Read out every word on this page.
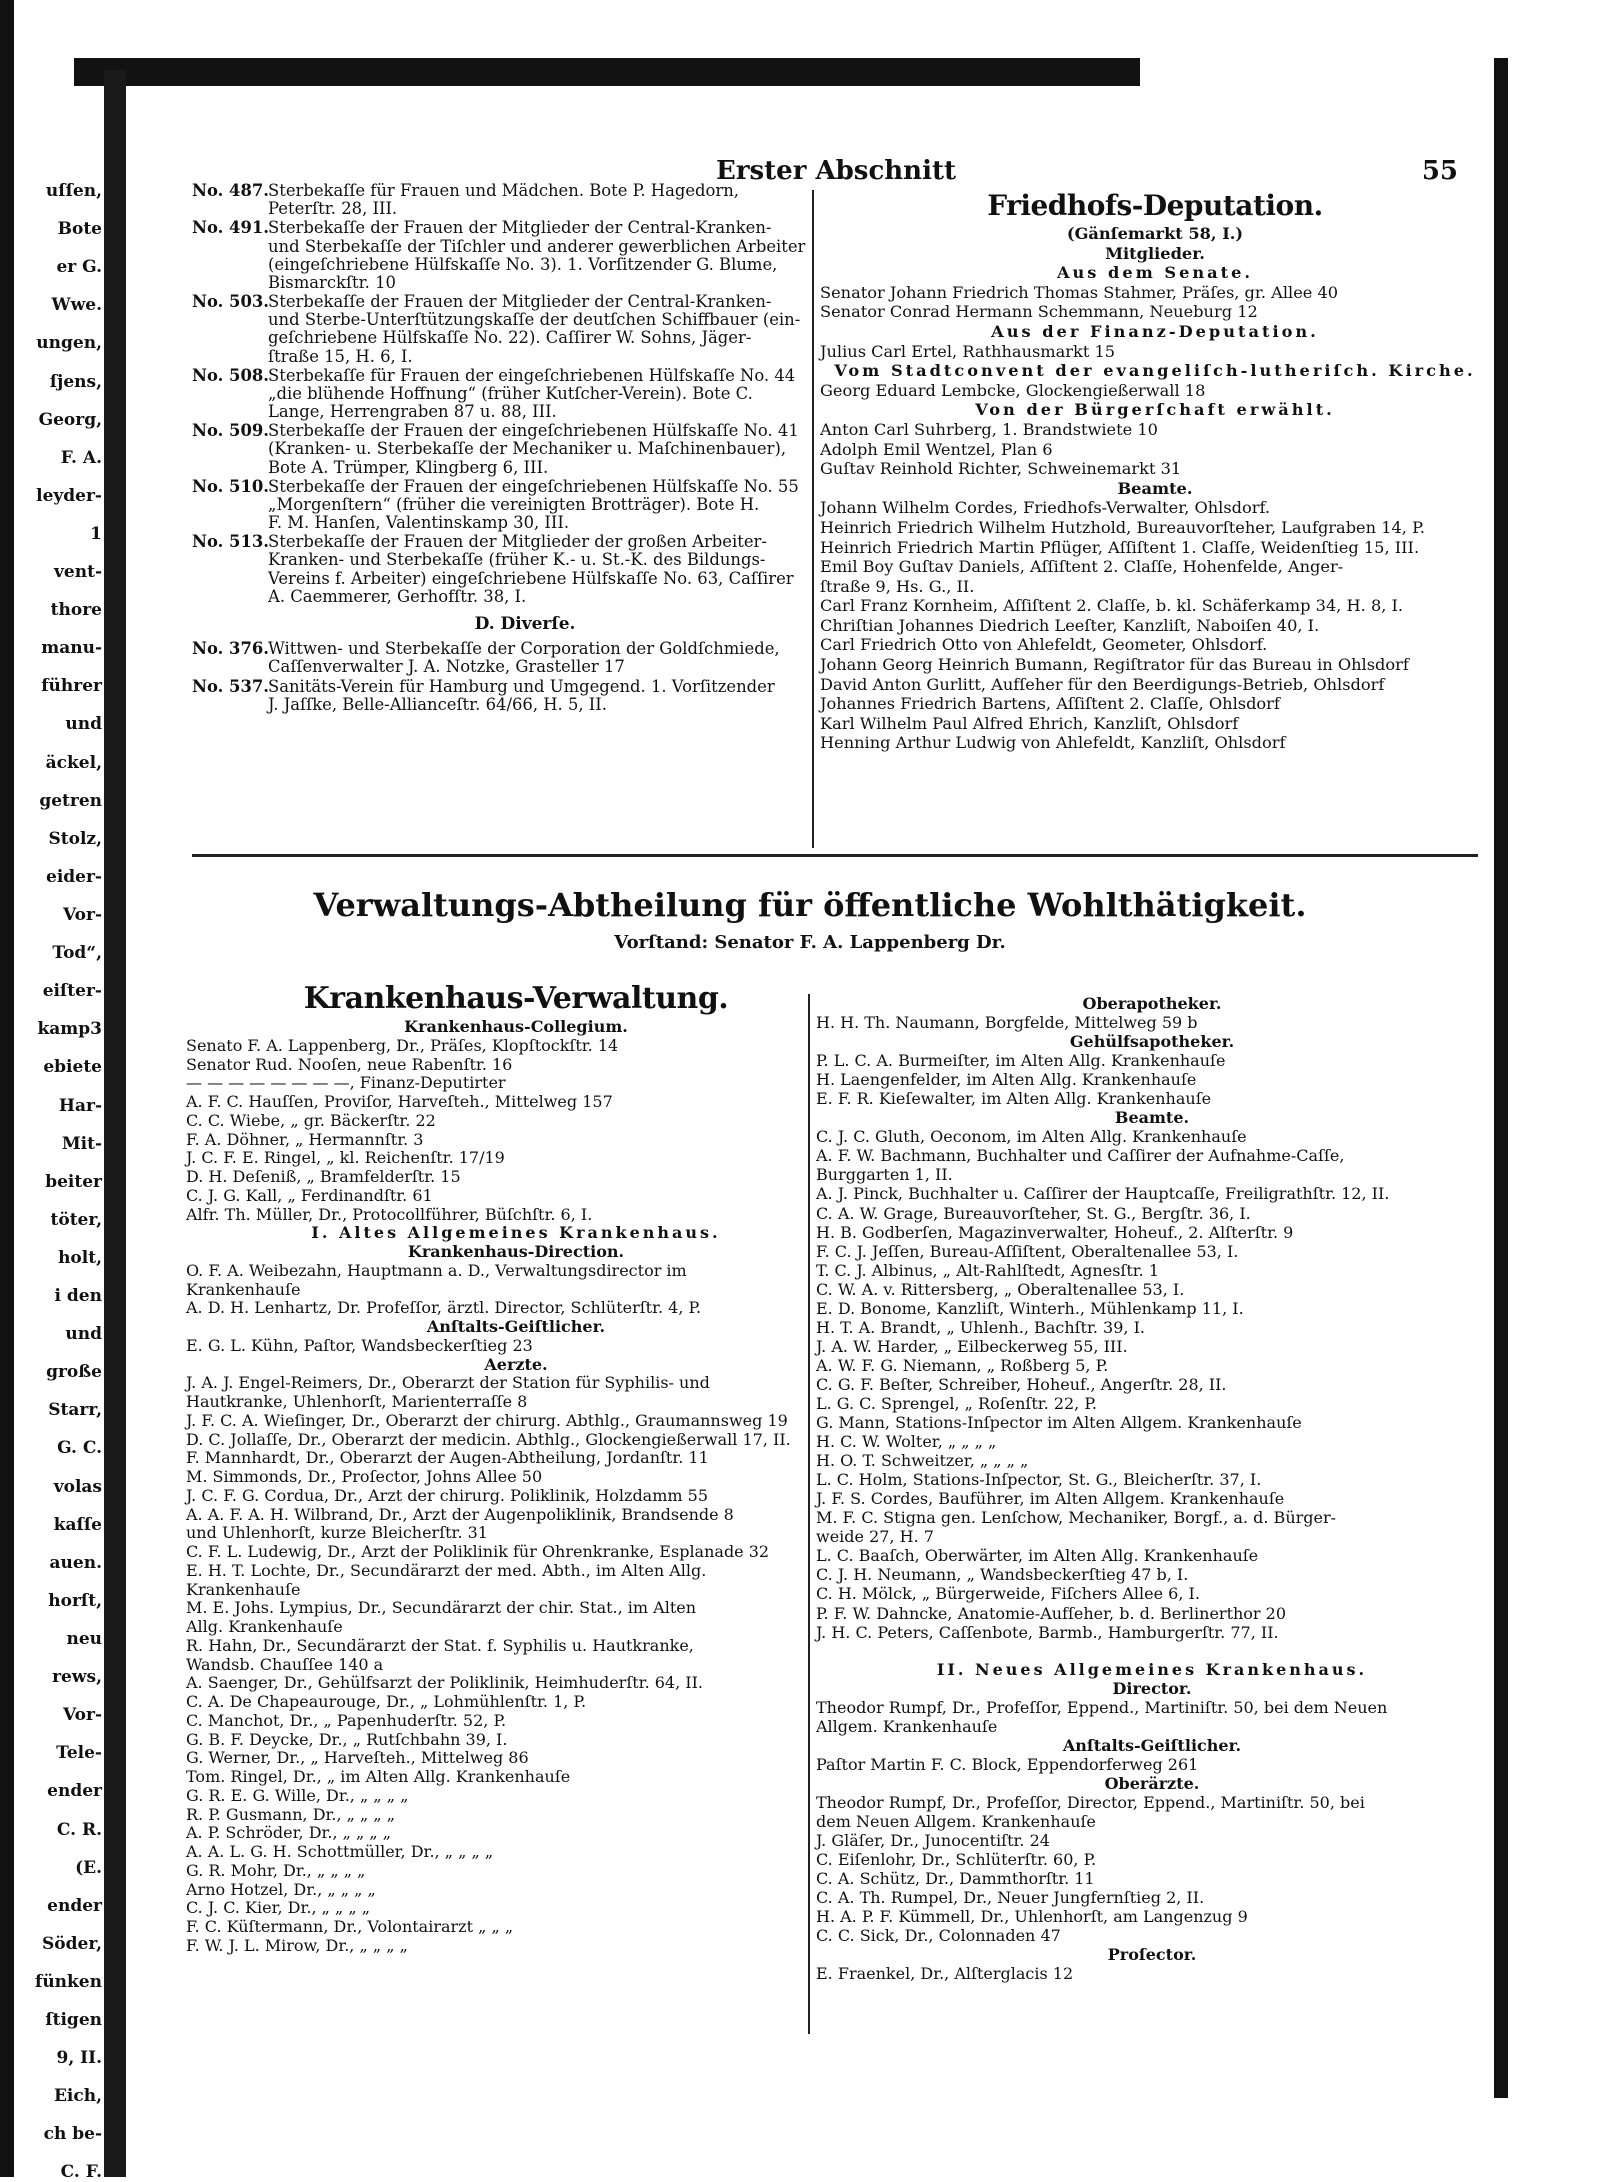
uſſen,
Bote
er G.
Wwe.
ungen,
ſjens,
Georg,
F. A.
leyder-
1
vent-
thore
manu-
führer
und
äckel,
getren
Stolz,
eider-
Vor-
Tod“,
eiſter-
kamp3
ebiete
Har-
Mit-
beiter
töter,
holt,
i den
und
große
Starr,
G. C.
volas
kaſſe
auen.
horſt,
neu
rews,
Vor-
Tele-
ender
C. R.
(E.
ender
Söder,
fünken
ſtigen
9, II.
Eich,
ch be-
C. F.
Erster Abschnitt	55
No. 487.Sterbekaſſe für Frauen und Mädchen. Bote P. Hagedorn,
Peterſtr. 28, III.
No. 491.Sterbekaſſe der Frauen der Mitglieder der Central-Kranken-
und Sterbekaſſe der Tiſchler und anderer gewerblichen Arbeiter
(eingeſchriebene Hülfskaſſe No. 3). 1. Vorſitzender G. Blume,
Bismarckſtr. 10
No. 503.Sterbekaſſe der Frauen der Mitglieder der Central-Kranken-
und Sterbe-Unterſtützungskaſſe der deutſchen Schiffbauer (ein-
geſchriebene Hülfskaſſe No. 22). Caſſirer W. Sohns, Jäger-
ſtraße 15, H. 6, I.
No. 508.Sterbekaſſe für Frauen der eingeſchriebenen Hülfskaſſe No. 44
„die blühende Hoffnung“ (früher Kutſcher-Verein). Bote C.
Lange, Herrengraben 87 u. 88, III.
No. 509.Sterbekaſſe der Frauen der eingeſchriebenen Hülfskaſſe No. 41
(Kranken- u. Sterbekaſſe der Mechaniker u. Maſchinenbauer),
Bote A. Trümper, Klingberg 6, III.
No. 510.Sterbekaſſe der Frauen der eingeſchriebenen Hülfskaſſe No. 55
„Morgenſtern“ (früher die vereinigten Brotträger). Bote H.
F. M. Hanſen, Valentinskamp 30, III.
No. 513.Sterbekaſſe der Frauen der Mitglieder der großen Arbeiter-
Kranken- und Sterbekaſſe (früher K.- u. St.-K. des Bildungs-
Vereins f. Arbeiter) eingeſchriebene Hülfskaſſe No. 63, Caſſirer
A. Caemmerer, Gerhofſtr. 38, I.

D. Diverſe.

No. 376.Wittwen- und Sterbekaſſe der Corporation der Goldſchmiede,
Caſſenverwalter J. A. Notzke, Grasteller 17
No. 537.Sanitäts-Verein für Hamburg und Umgegend. 1. Vorſitzender
J. Jaſſke, Belle-Allianceſtr. 64/66, H. 5, II.

Friedhofs-Deputation.

(Gänſemarkt 58, I.)

Mitglieder.

Aus dem Senate.

Senator Johann Friedrich Thomas Stahmer, Präſes, gr. Allee 40

Senator Conrad Hermann Schemmann, Neueburg 12

Aus der Finanz-Deputation.

Julius Carl Ertel, Rathhausmarkt 15

Vom Stadtconvent der evangeliſch-lutheriſch. Kirche.

Georg Eduard Lembcke, Glockengießerwall 18

Von der Bürgerſchaft erwählt.

Anton Carl Suhrberg, 1. Brandstwiete 10

Adolph Emil Wentzel, Plan 6

Guſtav Reinhold Richter, Schweinemarkt 31

Beamte.

Johann Wilhelm Cordes, Friedhofs-Verwalter, Ohlsdorf.

Heinrich Friedrich Wilhelm Hutzhold, Bureauvorſteher, Laufgraben 14, P.

Heinrich Friedrich Martin Pflüger, Aſſiſtent 1. Claſſe, Weidenſtieg 15, III.

Emil Boy Guſtav Daniels, Aſſiſtent 2. Claſſe, Hohenfelde, Anger-

ſtraße 9, Hs. G., II.

Carl Franz Kornheim, Aſſiſtent 2. Claſſe, b. kl. Schäferkamp 34, H. 8, I.

Chriſtian Johannes Diedrich Leeſter, Kanzliſt, Naboiſen 40, I.

Carl Friedrich Otto von Ahlefeldt, Geometer, Ohlsdorf.

Johann Georg Heinrich Bumann, Regiſtrator für das Bureau in Ohlsdorf

David Anton Gurlitt, Aufſeher für den Beerdigungs-Betrieb, Ohlsdorf

Johannes Friedrich Bartens, Aſſiſtent 2. Claſſe, Ohlsdorf

Karl Wilhelm Paul Alfred Ehrich, Kanzliſt, Ohlsdorf

Henning Arthur Ludwig von Ahlefeldt, Kanzliſt, Ohlsdorf

Verwaltungs-Abtheilung für öffentliche Wohlthätigkeit.
Vorſtand: Senator F. A. Lappenberg Dr.

Krankenhaus-Verwaltung.

Krankenhaus-Collegium.

Senato F. A. Lappenberg, Dr., Präſes, Klopſtockſtr. 14

Senator Rud. Nooſen, neue Rabenſtr. 16

— — — — — — — —, Finanz-Deputirter

A. F. C. Hauſſen, Proviſor, Harveſteh., Mittelweg 157

C. C. Wiebe, „ gr. Bäckerſtr. 22

F. A. Döhner, „ Hermannſtr. 3

J. C. F. E. Ringel, „ kl. Reichenſtr. 17/19

D. H. Deſeniß, „ Bramfelderſtr. 15

C. J. G. Kall, „ Ferdinandſtr. 61

Alfr. Th. Müller, Dr., Protocollführer, Büſchſtr. 6, I.

I. Altes Allgemeines Krankenhaus.

Krankenhaus-Direction.

O. F. A. Weibezahn, Hauptmann a. D., Verwaltungsdirector im

Krankenhauſe

A. D. H. Lenhartz, Dr. Profeſſor, ärztl. Director, Schlüterſtr. 4, P.

Anſtalts-Geiſtlicher.

E. G. L. Kühn, Paſtor, Wandsbeckerſtieg 23

Aerzte.

J. A. J. Engel-Reimers, Dr., Oberarzt der Station für Syphilis- und

Hautkranke, Uhlenhorſt, Marienterraſſe 8

J. F. C. A. Wieſinger, Dr., Oberarzt der chirurg. Abthlg., Graumannsweg 19

D. C. Jollaſſe, Dr., Oberarzt der medicin. Abthlg., Glockengießerwall 17, II.

F. Mannhardt, Dr., Oberarzt der Augen-Abtheilung, Jordanſtr. 11

M. Simmonds, Dr., Proſector, Johns Allee 50

J. C. F. G. Cordua, Dr., Arzt der chirurg. Poliklinik, Holzdamm 55

A. A. F. A. H. Wilbrand, Dr., Arzt der Augenpoliklinik, Brandsende 8

und Uhlenhorſt, kurze Bleicherſtr. 31

C. F. L. Ludewig, Dr., Arzt der Poliklinik für Ohrenkranke, Esplanade 32

E. H. T. Lochte, Dr., Secundärarzt der med. Abth., im Alten Allg.

Krankenhauſe

M. E. Johs. Lympius, Dr., Secundärarzt der chir. Stat., im Alten

Allg. Krankenhauſe

R. Hahn, Dr., Secundärarzt der Stat. f. Syphilis u. Hautkranke,

Wandsb. Chauſſee 140 a

A. Saenger, Dr., Gehülfsarzt der Poliklinik, Heimhuderſtr. 64, II.

C. A. De Chapeaurouge, Dr., „ Lohmühlenſtr. 1, P.

C. Manchot, Dr., „ Papenhuderſtr. 52, P.

G. B. F. Deycke, Dr., „ Rutſchbahn 39, I.

G. Werner, Dr., „ Harveſteh., Mittelweg 86

Tom. Ringel, Dr., „ im Alten Allg. Krankenhauſe

G. R. E. G. Wille, Dr., „ „ „ „

R. P. Gusmann, Dr., „ „ „ „

A. P. Schröder, Dr., „ „ „ „

A. A. L. G. H. Schottmüller, Dr., „ „ „ „

G. R. Mohr, Dr., „ „ „ „

Arno Hotzel, Dr., „ „ „ „

C. J. C. Kier, Dr., „ „ „ „

F. C. Küſtermann, Dr., Volontairarzt „ „ „

F. W. J. L. Mirow, Dr., „ „ „ „

Oberapotheker.

H. H. Th. Naumann, Borgfelde, Mittelweg 59 b

Gehülfsapotheker.

P. L. C. A. Burmeiſter, im Alten Allg. Krankenhauſe

H. Laengenfelder, im Alten Allg. Krankenhauſe

E. F. R. Kieſewalter, im Alten Allg. Krankenhauſe

Beamte.

C. J. C. Gluth, Oeconom, im Alten Allg. Krankenhauſe

A. F. W. Bachmann, Buchhalter und Caſſirer der Aufnahme-Caſſe,

Burggarten 1, II.

A. J. Pinck, Buchhalter u. Caſſirer der Hauptcaſſe, Freiligrathſtr. 12, II.

C. A. W. Grage, Bureauvorſteher, St. G., Bergſtr. 36, I.

H. B. Godberſen, Magazinverwalter, Hoheuf., 2. Alſterſtr. 9

F. C. J. Jeſſen, Bureau-Aſſiſtent, Oberaltenallee 53, I.

T. C. J. Albinus, „ Alt-Rahlſtedt, Agnesſtr. 1

C. W. A. v. Rittersberg, „ Oberaltenallee 53, I.

E. D. Bonome, Kanzliſt, Winterh., Mühlenkamp 11, I.

H. T. A. Brandt, „ Uhlenh., Bachſtr. 39, I.

J. A. W. Harder, „ Eilbeckerweg 55, III.

A. W. F. G. Niemann, „ Roßberg 5, P.

C. G. F. Beſter, Schreiber, Hoheuf., Angerſtr. 28, II.

L. G. C. Sprengel, „ Roſenſtr. 22, P.

G. Mann, Stations-Inſpector im Alten Allgem. Krankenhauſe

H. C. W. Wolter, „ „ „ „

H. O. T. Schweitzer, „ „ „ „

L. C. Holm, Stations-Inſpector, St. G., Bleicherſtr. 37, I.

J. F. S. Cordes, Bauführer, im Alten Allgem. Krankenhauſe

M. F. C. Stigna gen. Lenſchow, Mechaniker, Borgf., a. d. Bürger-

weide 27, H. 7

L. C. Baaſch, Oberwärter, im Alten Allg. Krankenhauſe

C. J. H. Neumann, „ Wandsbeckerſtieg 47 b, I.

C. H. Mölck, „ Bürgerweide, Fiſchers Allee 6, I.

P. F. W. Dahncke, Anatomie-Aufſeher, b. d. Berlinerthor 20

J. H. C. Peters, Caſſenbote, Barmb., Hamburgerſtr. 77, II.

II. Neues Allgemeines Krankenhaus.

Director.

Theodor Rumpf, Dr., Profeſſor, Eppend., Martiniſtr. 50, bei dem Neuen

Allgem. Krankenhauſe

Anſtalts-Geiſtlicher.

Paſtor Martin F. C. Block, Eppendorferweg 261

Oberärzte.

Theodor Rumpf, Dr., Profeſſor, Director, Eppend., Martiniſtr. 50, bei

dem Neuen Allgem. Krankenhauſe

J. Gläſer, Dr., Junocentiſtr. 24

C. Eiſenlohr, Dr., Schlüterſtr. 60, P.

C. A. Schütz, Dr., Dammthorſtr. 11

C. A. Th. Rumpel, Dr., Neuer Jungfernſtieg 2, II.

H. A. P. F. Kümmell, Dr., Uhlenhorſt, am Langenzug 9

C. C. Sick, Dr., Colonnaden 47

Proſector.

E. Fraenkel, Dr., Alſterglacis 12
